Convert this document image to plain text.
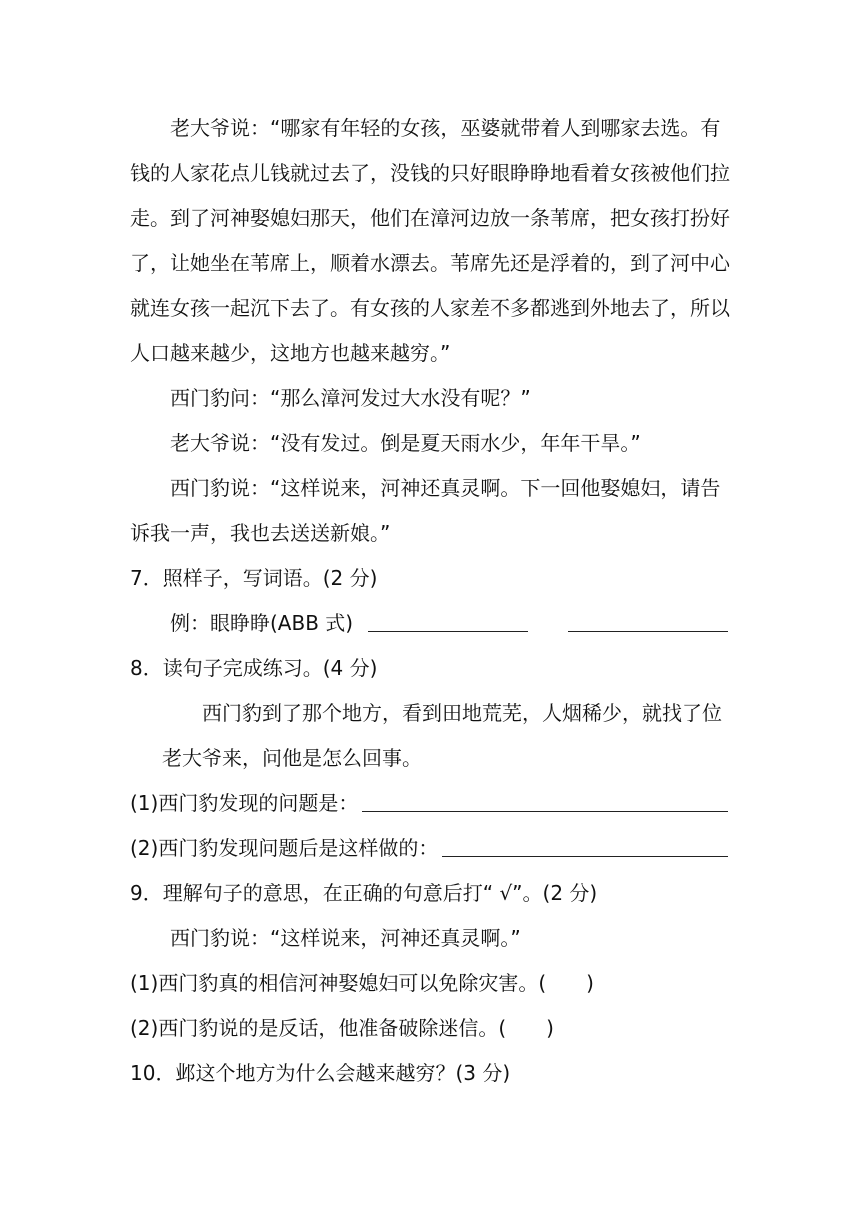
老大爷说：“哪家有年轻的女孩，巫婆就带着人到哪家去选。有
钱的人家花点儿钱就过去了，没钱的只好眼睁睁地看着女孩被他们拉
走。到了河神娶媳妇那天，他们在漳河边放一条苇席，把女孩打扮好
了，让她坐在苇席上，顺着水漂去。苇席先还是浮着的，到了河中心
就连女孩一起沉下去了。有女孩的人家差不多都逃到外地去了，所以
人口越来越少，这地方也越来越穷。”
西门豹问：“那么漳河发过大水没有呢？”
老大爷说：“没有发过。倒是夏天雨水少，年年干旱。”
西门豹说：“这样说来，河神还真灵啊。下一回他娶媳妇，请告
诉我一声，我也去送送新娘。”
7．照样子，写词语。(2 分)
例：眼睁睁(ABB 式)
8．读句子完成练习。(4 分)
西门豹到了那个地方，看到田地荒芜，人烟稀少，就找了位
老大爷来，问他是怎么回事。
(1)西门豹发现的问题是：
(2)西门豹发现问题后是这样做的：
9．理解句子的意思，在正确的句意后打“ √”。(2 分)
西门豹说：“这样说来，河神还真灵啊。”
(1)西门豹真的相信河神娶媳妇可以免除灾害。(　　)
(2)西门豹说的是反话，他准备破除迷信。(　　)
10．邺这个地方为什么会越来越穷？(3 分)
